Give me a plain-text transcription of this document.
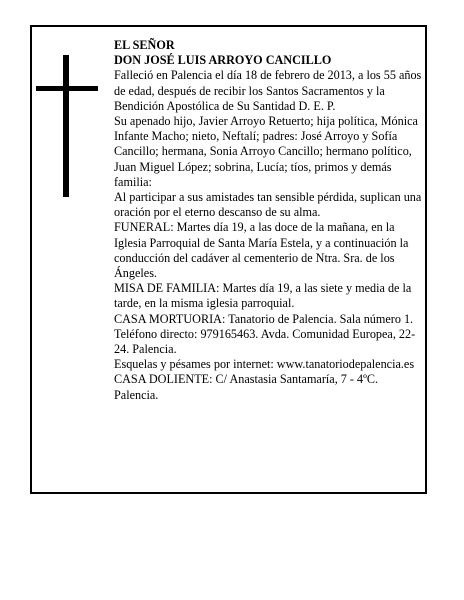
EL SEÑOR

DON JOSÉ LUIS ARROYO CANCILLO

Falleció en Palencia el día 18 de febrero de 2013, a los 55 años de edad, después de recibir los Santos Sacramentos y la Bendición Apostólica de Su Santidad D. E. P.

Su apenado hijo, Javier Arroyo Retuerto; hija política, Mónica Infante Macho; nieto, Neftalí; padres: José Arroyo y Sofía Cancillo; hermana, Sonia Arroyo Cancillo; hermano político, Juan Miguel López; sobrina, Lucía; tíos, primos y demás familia:

Al participar a sus amistades tan sensible pérdida, suplican una oración por el eterno descanso de su alma.

FUNERAL: Martes día 19, a las doce de la mañana, en la Iglesia Parroquial de Santa María Estela, y a continuación la conducción del cadáver al cementerio de Ntra. Sra. de los Ángeles.

MISA DE FAMILIA: Martes día 19, a las siete y media de la tarde, en la misma iglesia parroquial.

CASA MORTUORIA: Tanatorio de Palencia. Sala número 1. Teléfono directo: 979165463. Avda. Comunidad Europea, 22-24. Palencia.

Esquelas y pésames por internet: www.tanatoriodepalencia.es

CASA DOLIENTE: C/ Anastasia Santamaría, 7 - 4ºC. Palencia.
